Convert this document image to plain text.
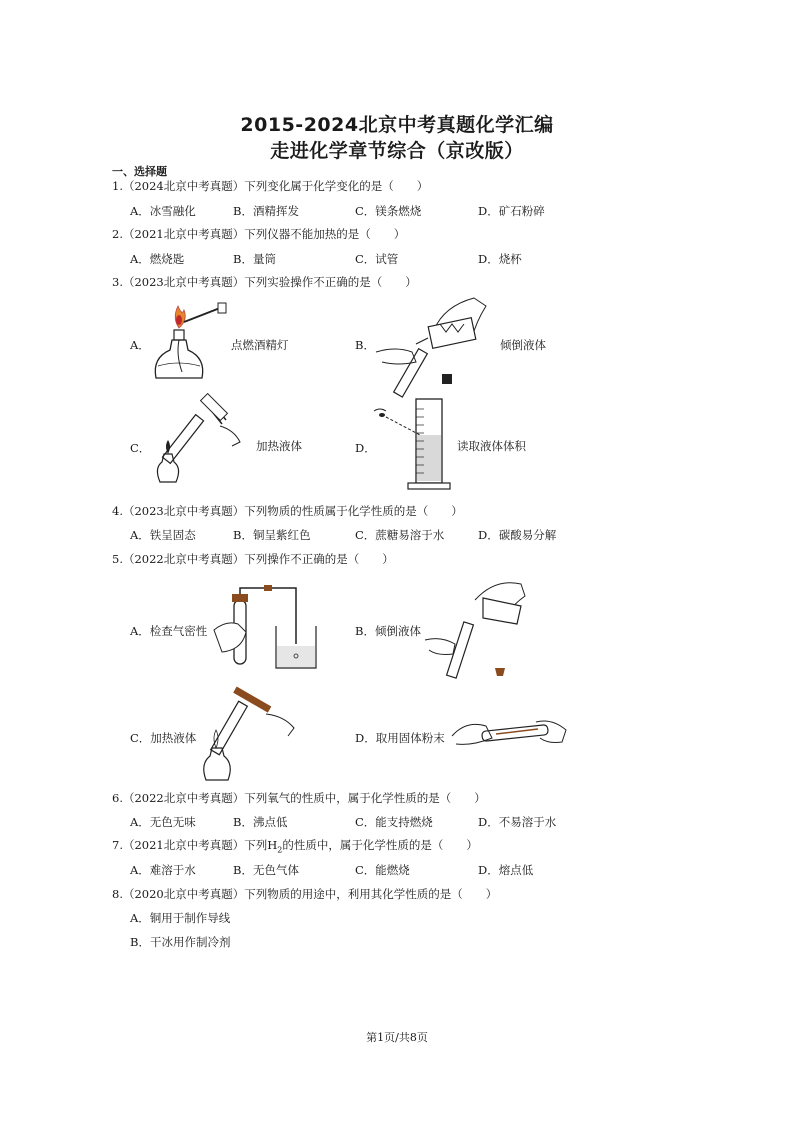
2015-2024北京中考真题化学汇编
走进化学章节综合（京改版）
一、选择题
1.（2024北京中考真题）下列变化属于化学变化的是（　　）
A．冰雪融化	B．酒精挥发	C．镁条燃烧	D．矿石粉碎
2.（2021北京中考真题）下列仪器不能加热的是（　　）
A．燃烧匙	B．量筒	C．试管	D．烧杯
3.（2023北京中考真题）下列实验操作不正确的是（　　）
A．	点燃酒精灯	B．	倾倒液体
C．	加热液体	D．	读取液体体积
4.（2023北京中考真题）下列物质的性质属于化学性质的是（　　）
A．铁呈固态	B．铜呈紫红色	C．蔗糖易溶于水	D．碳酸易分解
5.（2022北京中考真题）下列操作不正确的是（　　）
A．检查气密性	B．倾倒液体
C．加热液体	D．取用固体粉末
6.（2022北京中考真题）下列氧气的性质中，属于化学性质的是（　　）
A．无色无味	B．沸点低	C．能支持燃烧	D．不易溶于水
7.（2021北京中考真题）下列$H_2$的性质中，属于化学性质的是（　　）
A．难溶于水	B．无色气体	C．能燃烧	D．熔点低
8.（2020北京中考真题）下列物质的用途中，利用其化学性质的是（　　）
A．铜用于制作导线
B．干冰用作制冷剂
第1页/共8页
